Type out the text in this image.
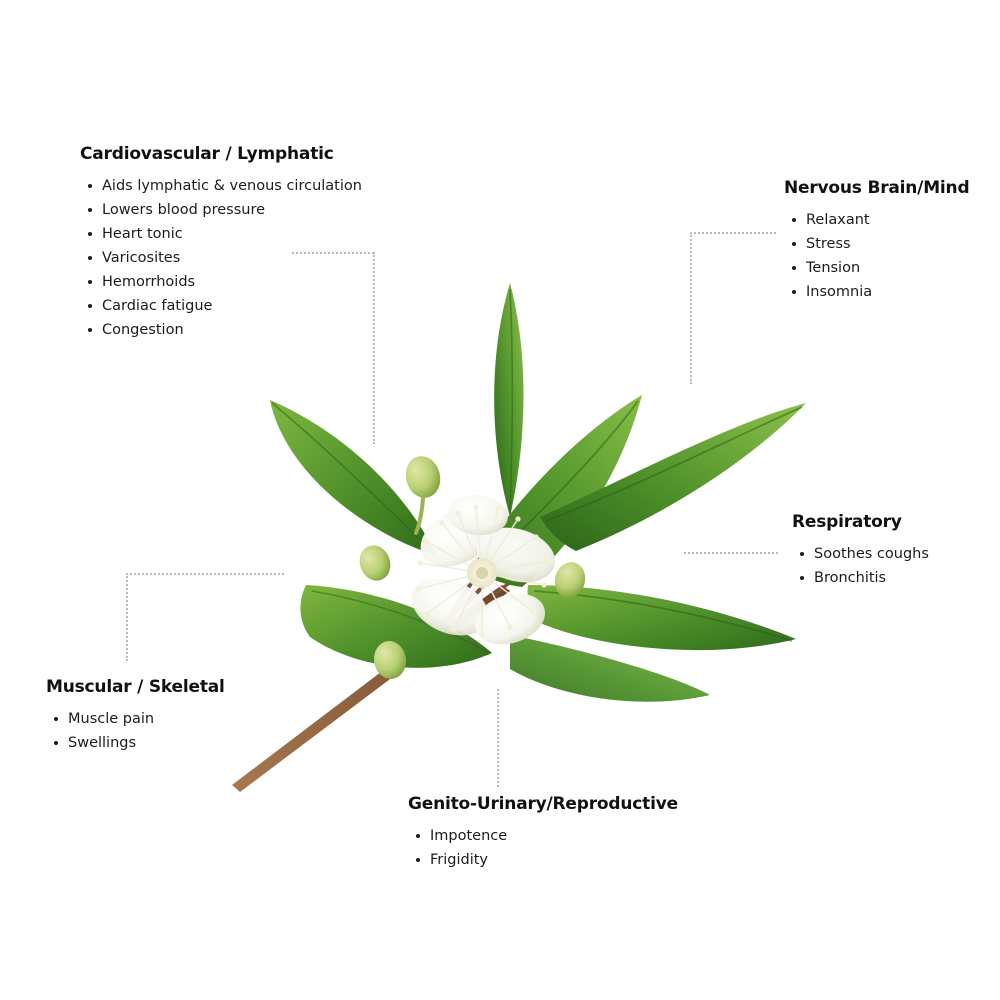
Cardiovascular / Lymphatic
Aids lymphatic & venous circulation
Lowers blood pressure
Heart tonic
Varicosites
Hemorrhoids
Cardiac fatigue
Congestion
Nervous Brain/Mind
Relaxant
Stress
Tension
Insomnia
Respiratory
Soothes coughs
Bronchitis
Muscular / Skeletal
Muscle pain
Swellings
Genito-Urinary/Reproductive
Impotence
Frigidity
